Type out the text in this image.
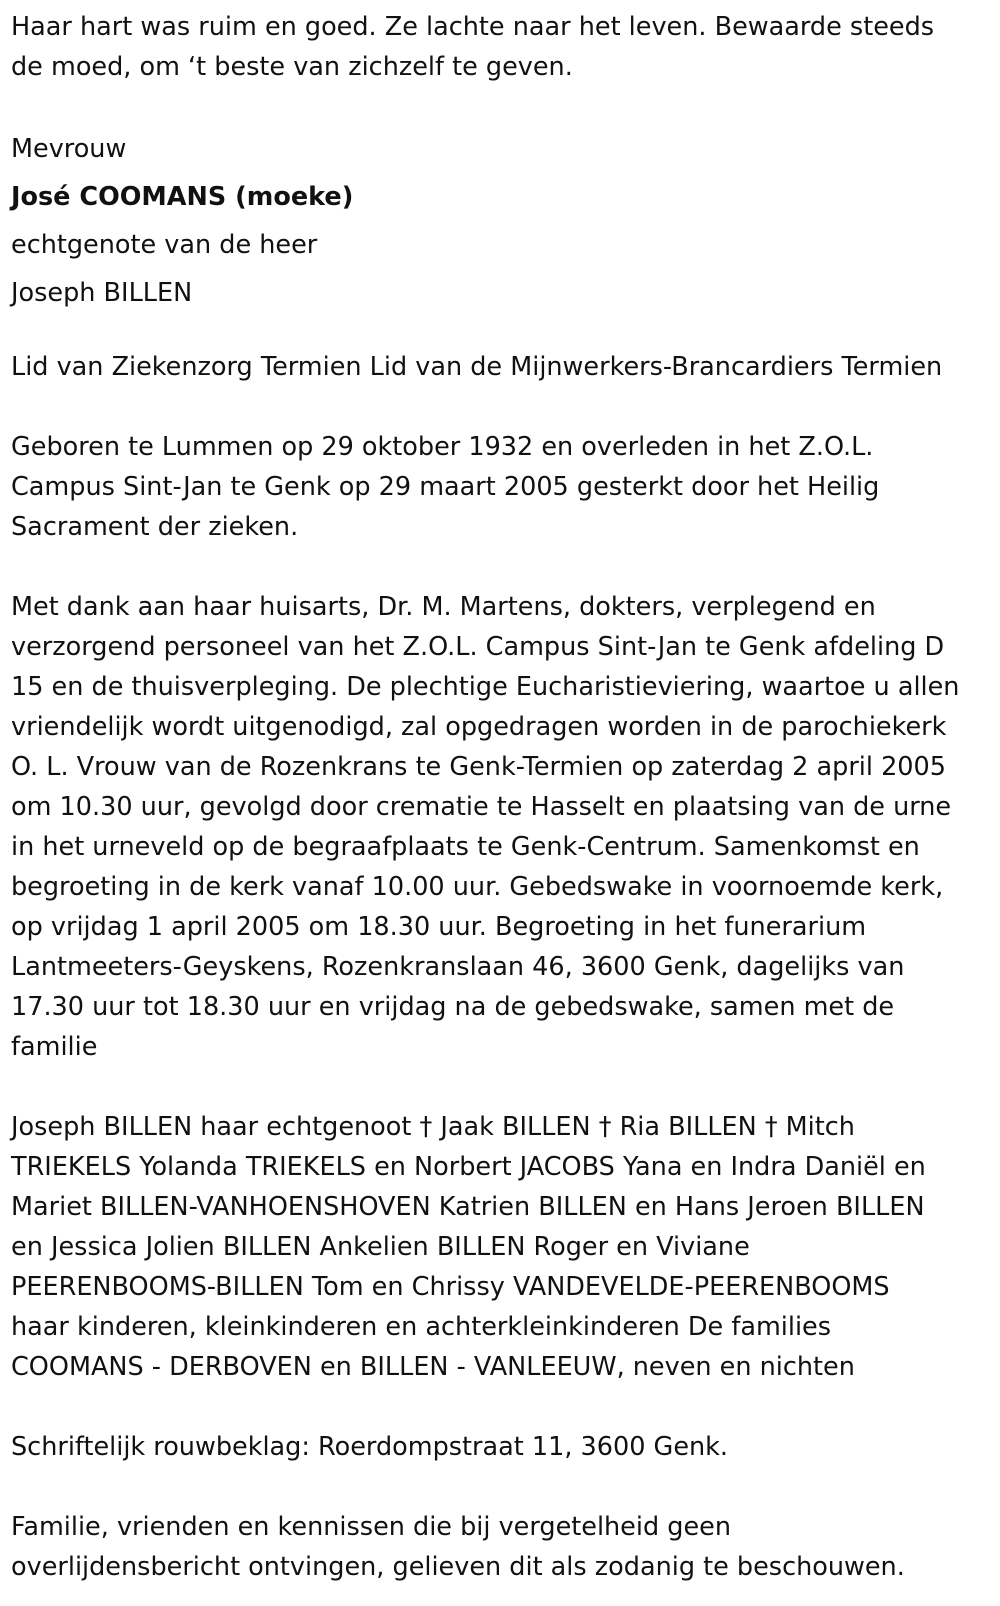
Haar hart was ruim en goed. Ze lachte naar het leven. Bewaarde steeds
de moed, om ‘t beste van zichzelf te geven.

Mevrouw
José COOMANS (moeke)
echtgenote van de heer
Joseph BILLEN

Lid van Ziekenzorg Termien Lid van de Mijnwerkers-Brancardiers Termien

Geboren te Lummen op 29 oktober 1932 en overleden in het Z.O.L.
Campus Sint-Jan te Genk op 29 maart 2005 gesterkt door het Heilig
Sacrament der zieken.

Met dank aan haar huisarts, Dr. M. Martens, dokters, verplegend en
verzorgend personeel van het Z.O.L. Campus Sint-Jan te Genk afdeling D
15 en de thuisverpleging. De plechtige Eucharistieviering, waartoe u allen
vriendelijk wordt uitgenodigd, zal opgedragen worden in de parochiekerk
O. L. Vrouw van de Rozenkrans te Genk-Termien op zaterdag 2 april 2005
om 10.30 uur, gevolgd door crematie te Hasselt en plaatsing van de urne
in het urneveld op de begraafplaats te Genk-Centrum. Samenkomst en
begroeting in de kerk vanaf 10.00 uur. Gebedswake in voornoemde kerk,
op vrijdag 1 april 2005 om 18.30 uur. Begroeting in het funerarium
Lantmeeters-Geyskens, Rozenkranslaan 46, 3600 Genk, dagelijks van
17.30 uur tot 18.30 uur en vrijdag na de gebedswake, samen met de
familie

Joseph BILLEN haar echtgenoot † Jaak BILLEN † Ria BILLEN † Mitch
TRIEKELS Yolanda TRIEKELS en Norbert JACOBS Yana en Indra Daniël en
Mariet BILLEN-VANHOENSHOVEN Katrien BILLEN en Hans Jeroen BILLEN
en Jessica Jolien BILLEN Ankelien BILLEN Roger en Viviane
PEERENBOOMS-BILLEN Tom en Chrissy VANDEVELDE-PEERENBOOMS
haar kinderen, kleinkinderen en achterkleinkinderen De families
COOMANS - DERBOVEN en BILLEN - VANLEEUW, neven en nichten

Schriftelijk rouwbeklag: Roerdompstraat 11, 3600 Genk.

Familie, vrienden en kennissen die bij vergetelheid geen
overlijdensbericht ontvingen, gelieven dit als zodanig te beschouwen.
